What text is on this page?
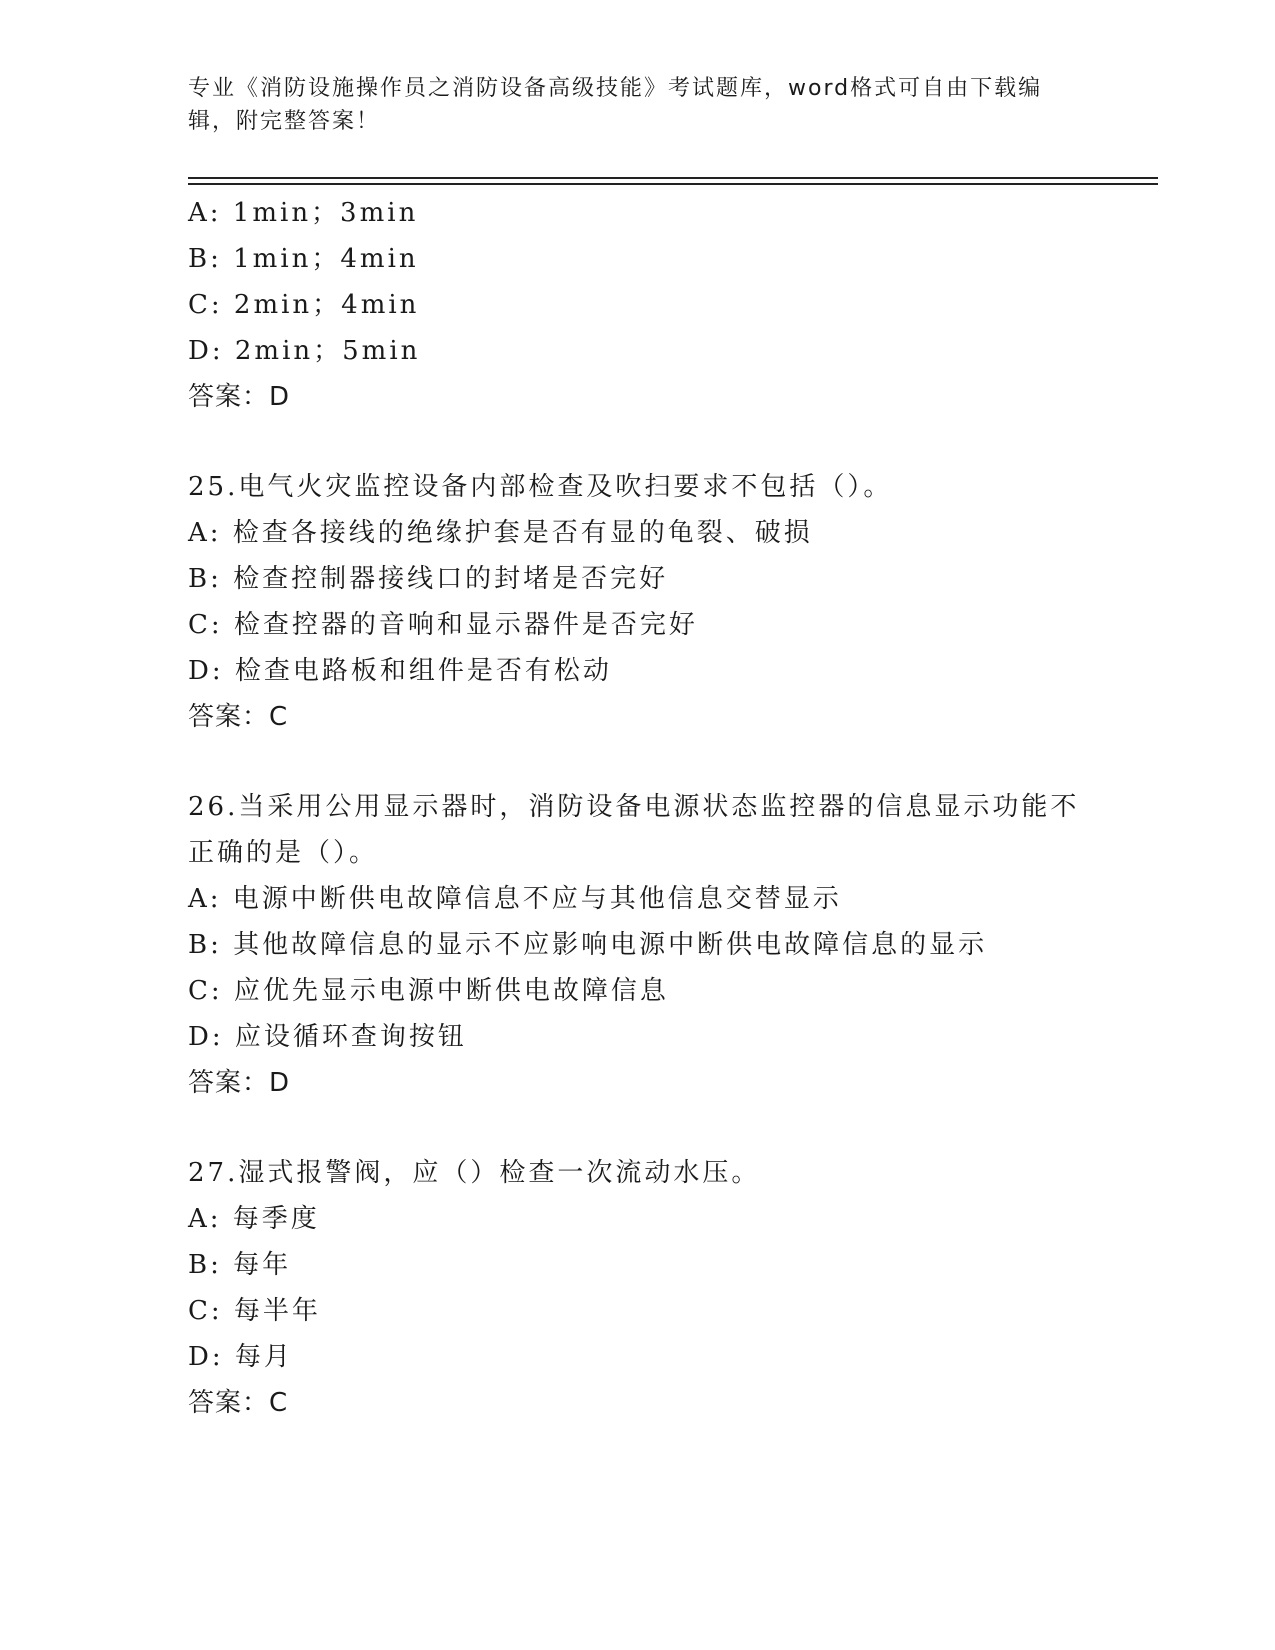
专业《消防设施操作员之消防设备高级技能》考试题库，word格式可自由下载编辑，附完整答案！
A: 1min；3min
B: 1min；4min
C: 2min；4min
D: 2min；5min
答案：D
25.电气火灾监控设备内部检查及吹扫要求不包括（）。
A: 检查各接线的绝缘护套是否有显的龟裂、破损
B: 检查控制器接线口的封堵是否完好
C: 检查控器的音响和显示器件是否完好
D: 检查电路板和组件是否有松动
答案：C
26.当采用公用显示器时，消防设备电源状态监控器的信息显示功能不正确的是（）。
A: 电源中断供电故障信息不应与其他信息交替显示
B: 其他故障信息的显示不应影响电源中断供电故障信息的显示
C: 应优先显示电源中断供电故障信息
D: 应设循环查询按钮
答案：D
27.湿式报警阀，应（）检查一次流动水压。
A: 每季度
B: 每年
C: 每半年
D: 每月
答案：C
